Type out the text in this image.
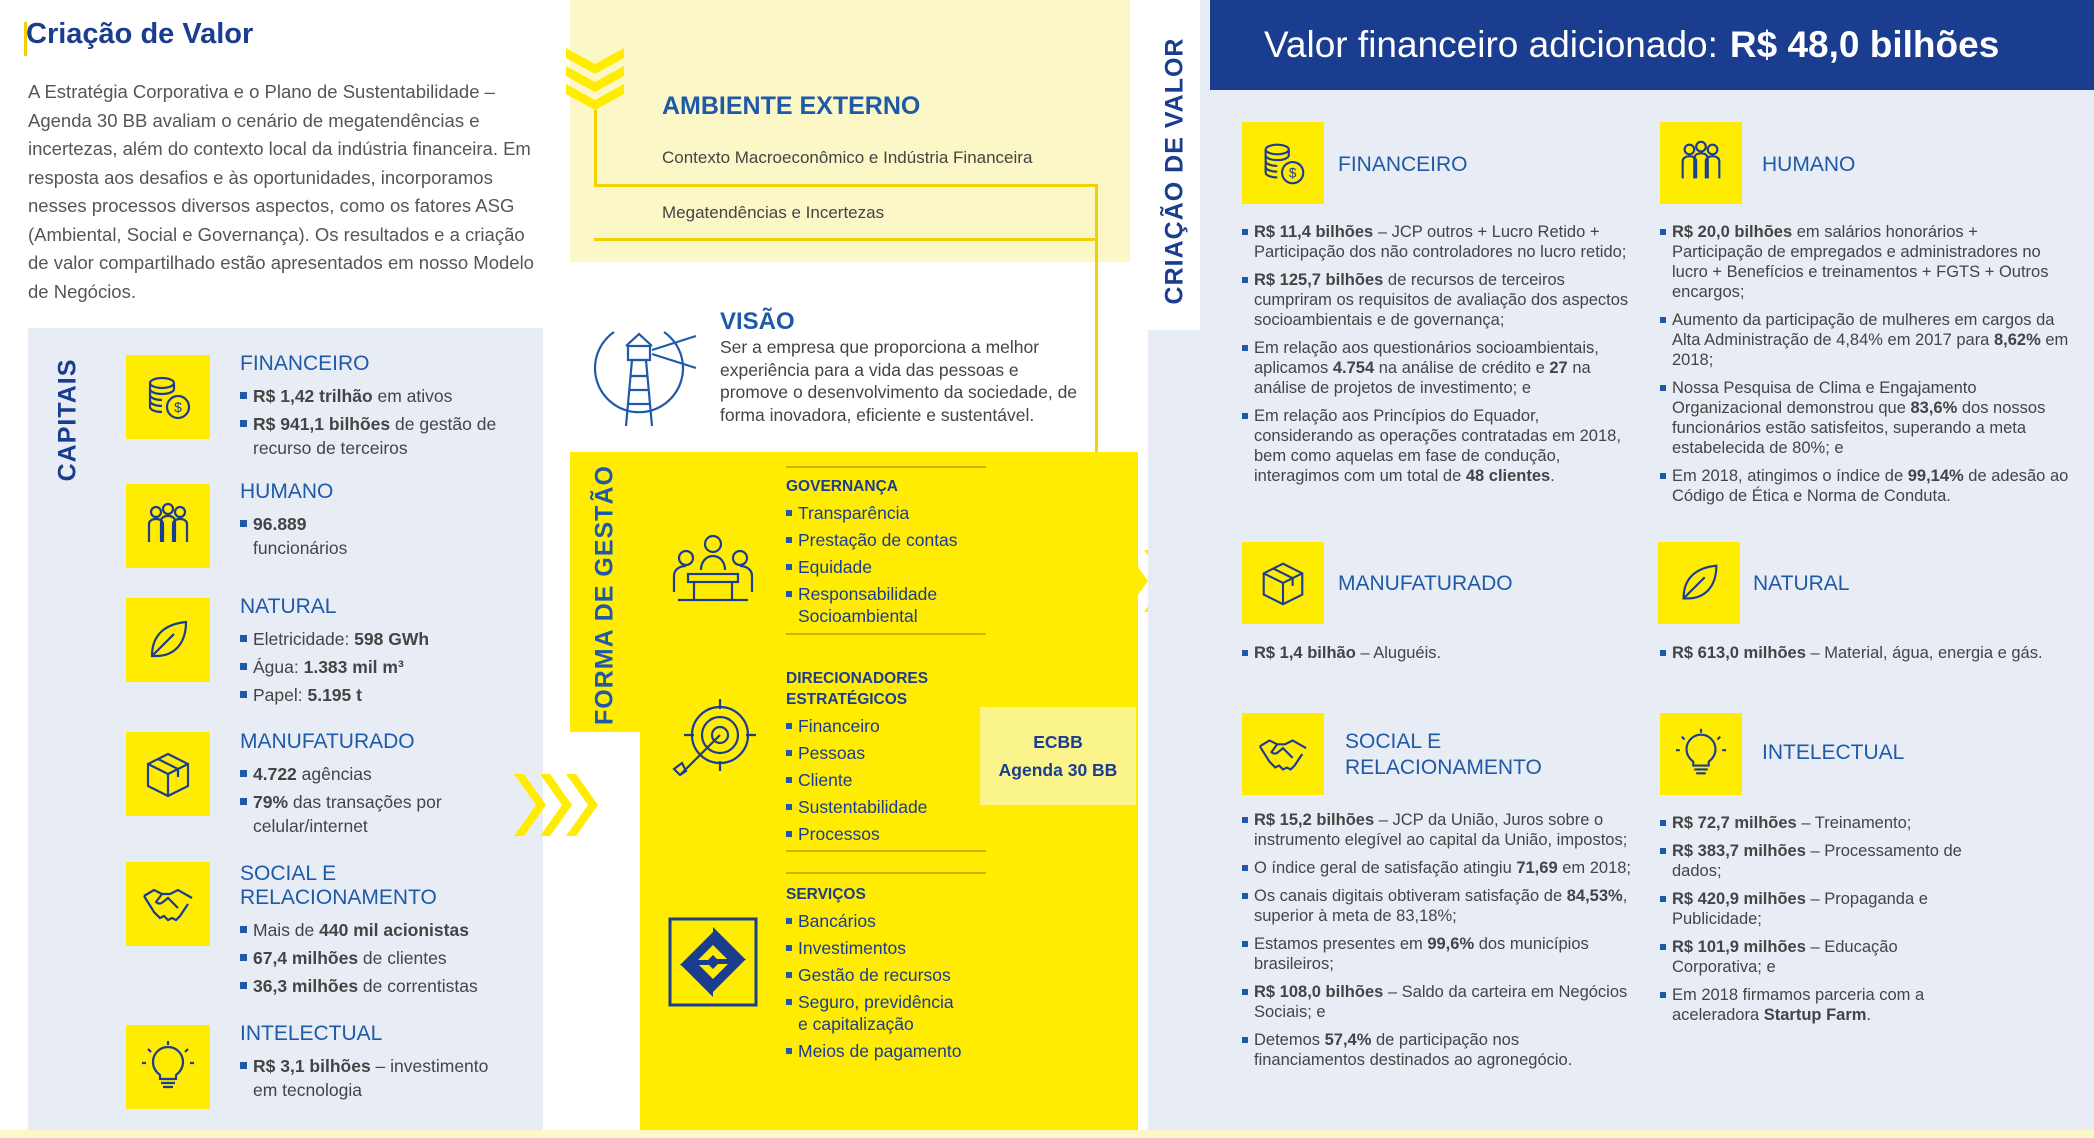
Criação de Valor

A Estratégia Corporativa e o Plano de Sustentabilidade – Agenda 30 BB avaliam o cenário de megatendências e incertezas, além do contexto local da indústria financeira. Em resposta aos desafios e às oportunidades, incorporamos nesses processos diversos aspectos, como os fatores ASG (Ambiental, Social e Governança). Os resultados e a criação de valor compartilhado estão apresentados em nosso Modelo de Negócios.

CAPITAIS	$
FINANCEIRO
R$ 1,42 trilhão em ativos
R$ 941,1 bilhões de gestão de recurso de terceiros
HUMANO
96.889
funcionários
NATURAL
Eletricidade: 598 GWh
Água: 1.383 mil m³
Papel: 5.195 t
MANUFATURADO
4.722 agências
79% das transações por celular/internet
SOCIAL E RELACIONAMENTO
Mais de 440 mil acionistas
67,4 milhões de clientes
36,3 milhões de correntistas
INTELECTUAL
R$ 3,1 bilhões – investimento em tecnologia
AMBIENTE EXTERNO
Contexto Macroeconômico e Indústria Financeira
Megatendências e Incertezas
VISÃO

Ser a empresa que proporciona a melhor experiência para a vida das pessoas e promove o desenvolvimento da sociedade, de forma inovadora, eficiente e sustentável.

FORMA DE GESTÃO	GOVERNANÇA
Transparência
Prestação de contas
Equidade
Responsabilidade Socioambiental
DIRECIONADORES ESTRATÉGICOS
Financeiro
Pessoas
Cliente
Sustentabilidade
Processos
SERVIÇOS
Bancários
Investimentos
Gestão de recursos
Seguro, previdência e capitalização
Meios de pagamento
ECBB
Agenda 30 BB
CRIAÇÃO DE VALOR Valor financeiro adicionado: R$ 48,0 bilhões
$ FINANCEIRO
R$ 11,4 bilhões – JCP outros + Lucro Retido + Participação dos não controladores no lucro retido;
R$ 125,7 bilhões de recursos de terceiros cumpriram os requisitos de avaliação dos aspectos socioambientais e de governança;
Em relação aos questionários socioambientais, aplicamos 4.754 na análise de crédito e 27 na análise de projetos de investimento; e
Em relação aos Princípios do Equador, considerando as operações contratadas em 2018, bem como aquelas em fase de condução, interagimos com um total de 48 clientes.
HUMANO
R$ 20,0 bilhões em salários honorários + Participação de empregados e administradores no lucro + Benefícios e treinamentos + FGTS + Outros encargos;
Aumento da participação de mulheres em cargos da Alta Administração de 4,84% em 2017 para 8,62% em 2018;
Nossa Pesquisa de Clima e Engajamento Organizacional demonstrou que 83,6% dos nossos funcionários estão satisfeitos, superando a meta estabelecida de 80%; e
Em 2018, atingimos o índice de 99,14% de adesão ao Código de Ética e Norma de Conduta.
MANUFATURADO
R$ 1,4 bilhão – Aluguéis.
NATURAL
R$ 613,0 milhões – Material, água, energia e gás.
SOCIAL E RELACIONAMENTO
R$ 15,2 bilhões – JCP da União, Juros sobre o instrumento elegível ao capital da União, impostos;
O índice geral de satisfação atingiu 71,69 em 2018;
Os canais digitais obtiveram satisfação de 84,53%, superior à meta de 83,18%;
Estamos presentes em 99,6% dos municípios brasileiros;
R$ 108,0 bilhões – Saldo da carteira em Negócios Sociais; e
Detemos 57,4% de participação nos financiamentos destinados ao agronegócio.
INTELECTUAL
R$ 72,7 milhões – Treinamento;
R$ 383,7 milhões – Processamento de dados;
R$ 420,9 milhões – Propaganda e Publicidade;
R$ 101,9 milhões – Educação Corporativa; e
Em 2018 firmamos parceria com a aceleradora Startup Farm.
